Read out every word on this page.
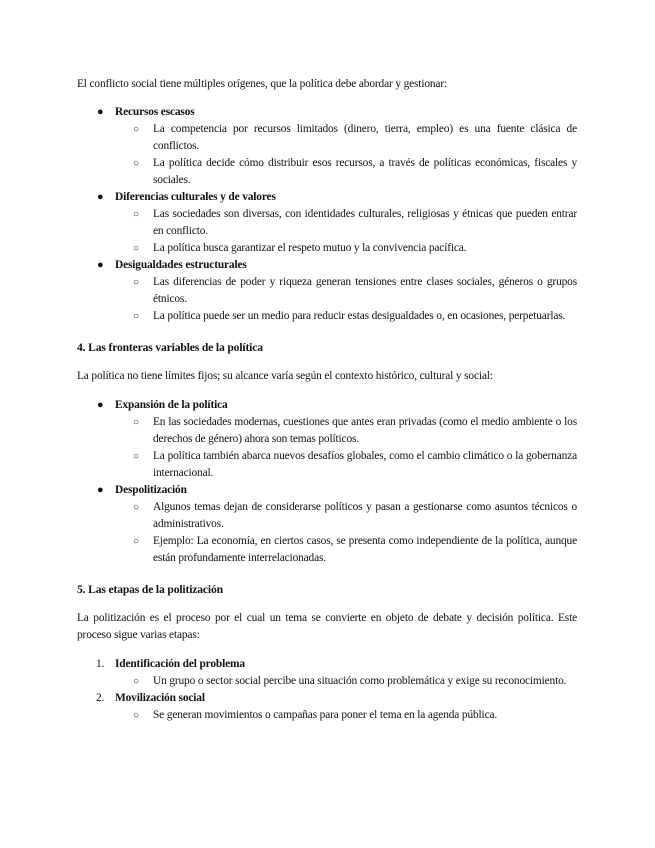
El conflicto social tiene múltiples orígenes, que la política debe abordar y gestionar:

● Recursos escasos
○ La competencia por recursos limitados (dinero, tierra, empleo) es una fuente clásica de conflictos.
○ La política decide cómo distribuir esos recursos, a través de políticas económicas, fiscales y sociales.
● Diferencias culturales y de valores
○ Las sociedades son diversas, con identidades culturales, religiosas y étnicas que pueden entrar en conflicto.
○ La política busca garantizar el respeto mutuo y la convivencia pacífica.
● Desigualdades estructurales
○ Las diferencias de poder y riqueza generan tensiones entre clases sociales, géneros o grupos étnicos.
○ La política puede ser un medio para reducir estas desigualdades o, en ocasiones, perpetuarlas.
4. Las fronteras variables de la política

La política no tiene límites fijos; su alcance varía según el contexto histórico, cultural y social:

● Expansión de la política
○ En las sociedades modernas, cuestiones que antes eran privadas (como el medio ambiente o los derechos de género) ahora son temas políticos.
○ La política también abarca nuevos desafíos globales, como el cambio climático o la gobernanza internacional.
● Despolitización
○ Algunos temas dejan de considerarse políticos y pasan a gestionarse como asuntos técnicos o administrativos.
○ Ejemplo: La economía, en ciertos casos, se presenta como independiente de la política, aunque están profundamente interrelacionadas.
5. Las etapas de la politización

La politización es el proceso por el cual un tema se convierte en objeto de debate y decisión política. Este proceso sigue varias etapas:

1. Identificación del problema
○ Un grupo o sector social percibe una situación como problemática y exige su reconocimiento.
2. Movilización social
○ Se generan movimientos o campañas para poner el tema en la agenda pública.
